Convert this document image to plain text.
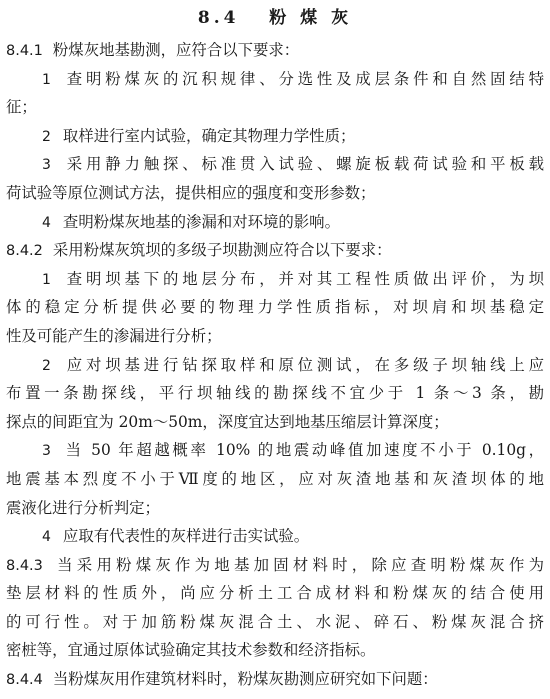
8.4 粉 煤 灰
8.4.1 粉煤灰地基勘测，应符合以下要求：
1 查明粉煤灰的沉积规律、分选性及成层条件和自然固结特
征；
2 取样进行室内试验，确定其物理力学性质；
3 采用静力触探、标准贯入试验、螺旋板载荷试验和平板载
荷试验等原位测试方法，提供相应的强度和变形参数；
4 查明粉煤灰地基的渗漏和对环境的影响。
8.4.2 采用粉煤灰筑坝的多级子坝勘测应符合以下要求：
1 查明坝基下的地层分布，并对其工程性质做出评价，为坝
体的稳定分析提供必要的物理力学性质指标，对坝肩和坝基稳定
性及可能产生的渗漏进行分析；
2 应对坝基进行钻探取样和原位测试，在多级子坝轴线上应
布置一条勘探线，平行坝轴线的勘探线不宜少于 1 条～3 条，勘
探点的间距宜为 20m～50m，深度宜达到地基压缩层计算深度；
3 当 50 年超越概率 10% 的地震动峰值加速度不小于 0.10g，
地震基本烈度不小于Ⅶ度的地区，应对灰渣地基和灰渣坝体的地
震液化进行分析判定；
4 应取有代表性的灰样进行击实试验。
8.4.3 当采用粉煤灰作为地基加固材料时，除应查明粉煤灰作为
垫层材料的性质外，尚应分析土工合成材料和粉煤灰的结合使用
的可行性。对于加筋粉煤灰混合土、水泥、碎石、粉煤灰混合挤
密桩等，宜通过原体试验确定其技术参数和经济指标。
8.4.4 当粉煤灰用作建筑材料时，粉煤灰勘测应研究如下问题：
